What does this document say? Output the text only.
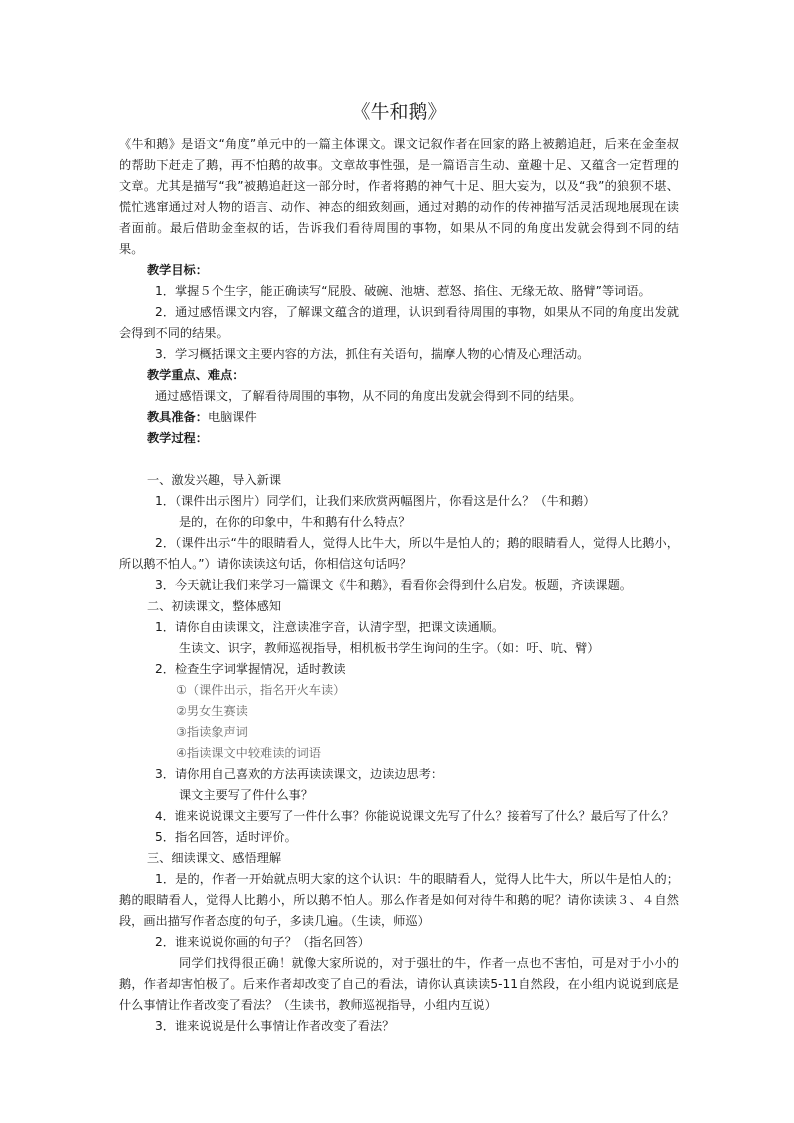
《牛和鹅》

《牛和鹅》是语文“角度”单元中的一篇主体课文。课文记叙作者在回家的路上被鹅追赶，后来在金奎叔的帮助下赶走了鹅，再不怕鹅的故事。文章故事性强，是一篇语言生动、童趣十足、又蕴含一定哲理的文章。尤其是描写“我”被鹅追赶这一部分时，作者将鹅的神气十足、胆大妄为，以及“我”的狼狈不堪、慌忙逃窜通过对人物的语言、动作、神态的细致刻画，通过对鹅的动作的传神描写活灵活现地展现在读者面前。最后借助金奎叔的话，告诉我们看待周围的事物，如果从不同的角度出发就会得到不同的结果。

教学目标：

1．掌握５个生字，能正确读写“屁股、破碗、池塘、惹怒、掐住、无缘无故、胳臂”等词语。

2．通过感悟课文内容，了解课文蕴含的道理，认识到看待周围的事物，如果从不同的角度出发就会得到不同的结果。

3．学习概括课文主要内容的方法，抓住有关语句，揣摩人物的心情及心理活动。

教学重点、难点：

通过感悟课文，了解看待周围的事物，从不同的角度出发就会得到不同的结果。

教具准备：电脑课件

教学过程：

一、激发兴趣，导入新课

1．（课件出示图片）同学们，让我们来欣赏两幅图片，你看这是什么？（牛和鹅）

是的，在你的印象中，牛和鹅有什么特点？

2．（课件出示“牛的眼睛看人，觉得人比牛大，所以牛是怕人的；鹅的眼睛看人，觉得人比鹅小，所以鹅不怕人。”）请你读读这句话，你相信这句话吗？

3．今天就让我们来学习一篇课文《牛和鹅》，看看你会得到什么启发。板题，齐读课题。

二、初读课文，整体感知

1．请你自由读课文，注意读准字音，认清字型，把课文读通顺。

生读文、识字，教师巡视指导，相机板书学生询问的生字。（如：吁、吭、臂）

2．检查生字词掌握情况，适时教读

①（课件出示，指名开火车读）

②男女生赛读

③指读象声词

④指读课文中较难读的词语

3．请你用自己喜欢的方法再读读课文，边读边思考：

课文主要写了件什么事？

4．谁来说说课文主要写了一件什么事？你能说说课文先写了什么？接着写了什么？最后写了什么？

5．指名回答，适时评价。

三、细读课文、感悟理解

1．是的，作者一开始就点明大家的这个认识：牛的眼睛看人，觉得人比牛大，所以牛是怕人的；鹅的眼睛看人，觉得人比鹅小，所以鹅不怕人。那么作者是如何对待牛和鹅的呢？请你读读３、４自然段，画出描写作者态度的句子，多读几遍。（生读，师巡）

2．谁来说说你画的句子？（指名回答）

同学们找得很正确！就像大家所说的，对于强壮的牛，作者一点也不害怕，可是对于小小的鹅，作者却害怕极了。后来作者却改变了自己的看法，请你认真读读5-11自然段，在小组内说说到底是什么事情让作者改变了看法？（生读书，教师巡视指导，小组内互说）

3．谁来说说是什么事情让作者改变了看法？
